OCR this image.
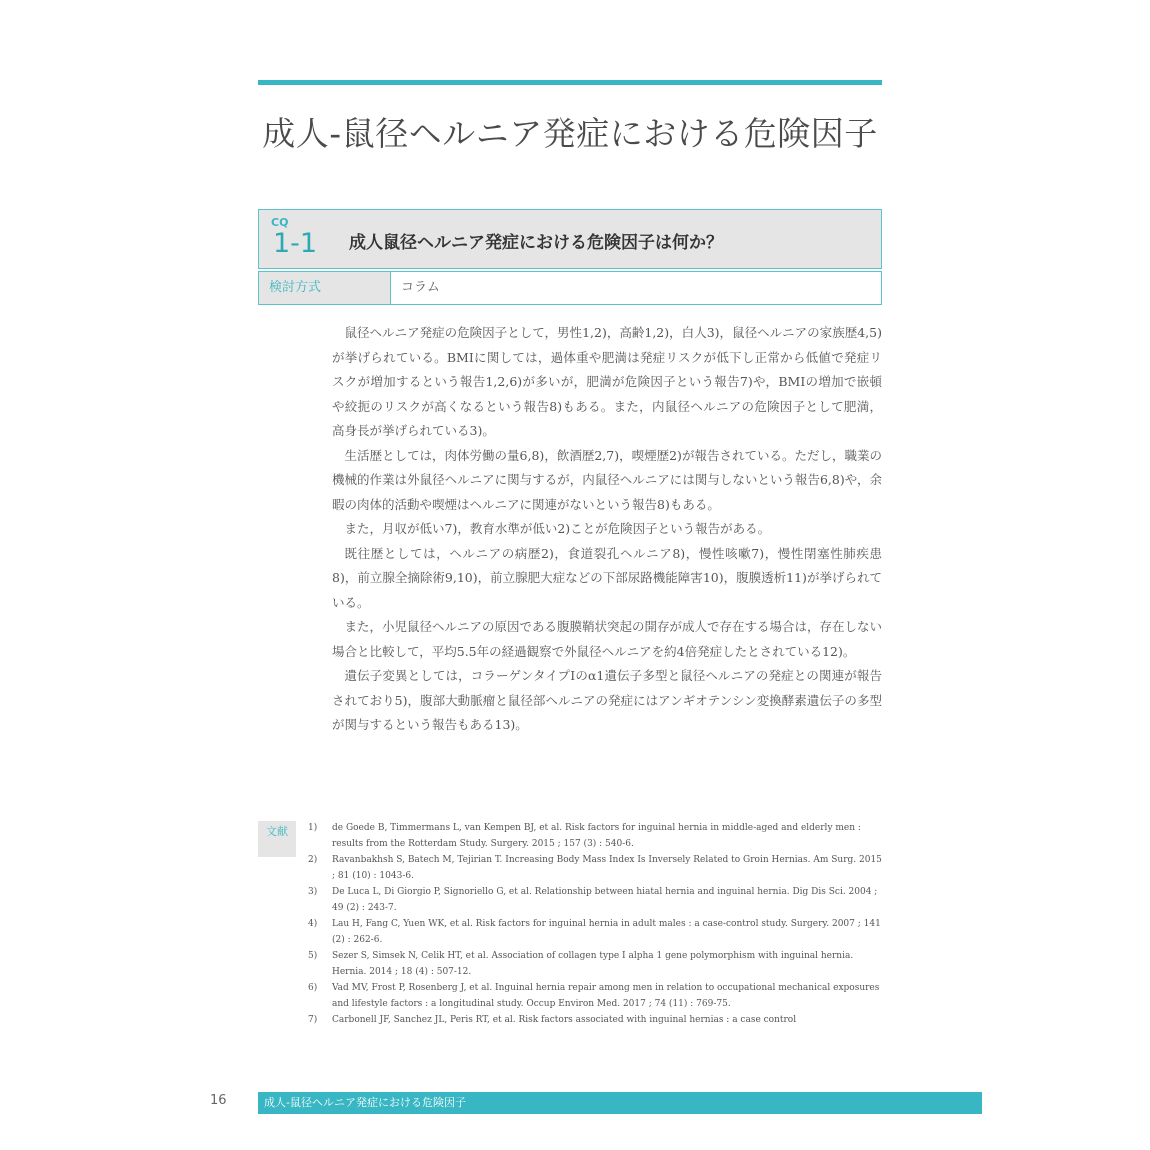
成人-鼠径ヘルニア発症における危険因子
CQ
1-1 成人鼠径ヘルニア発症における危険因子は何か？
検討方式	コラム

鼠径ヘルニア発症の危険因子として，男性1,2)，高齢1,2)，白人3)，鼠径ヘルニアの家族歴4,5)が挙げられている。BMIに関しては，過体重や肥満は発症リスクが低下し正常から低値で発症リスクが増加するという報告1,2,6)が多いが，肥満が危険因子という報告7)や，BMIの増加で嵌頓や絞扼のリスクが高くなるという報告8)もある。また，内鼠径ヘルニアの危険因子として肥満，高身長が挙げられている3)。

生活歴としては，肉体労働の量6,8)，飲酒歴2,7)，喫煙歴2)が報告されている。ただし，職業の機械的作業は外鼠径ヘルニアに関与するが，内鼠径ヘルニアには関与しないという報告6,8)や，余暇の肉体的活動や喫煙はヘルニアに関連がないという報告8)もある。

また，月収が低い7)，教育水準が低い2)ことが危険因子という報告がある。

既往歴としては，ヘルニアの病歴2)，食道裂孔ヘルニア8)，慢性咳嗽7)，慢性閉塞性肺疾患8)，前立腺全摘除術9,10)，前立腺肥大症などの下部尿路機能障害10)，腹膜透析11)が挙げられている。

また，小児鼠径ヘルニアの原因である腹膜鞘状突起の開存が成人で存在する場合は，存在しない場合と比較して，平均5.5年の経過観察で外鼠径ヘルニアを約4倍発症したとされている12)。

遺伝子変異としては，コラーゲンタイプⅠのα1遺伝子多型と鼠径ヘルニアの発症との関連が報告されており5)，腹部大動脈瘤と鼠径部ヘルニアの発症にはアンギオテンシン変換酵素遺伝子の多型が関与するという報告もある13)。

文献	1) de Goede B, Timmermans L, van Kempen BJ, et al. Risk factors for inguinal hernia in middle-aged and elderly men : results from the Rotterdam Study. Surgery. 2015 ; 157 (3) : 540-6.
2) Ravanbakhsh S, Batech M, Tejirian T. Increasing Body Mass Index Is Inversely Related to Groin Hernias. Am Surg. 2015 ; 81 (10) : 1043-6.
3) De Luca L, Di Giorgio P, Signoriello G, et al. Relationship between hiatal hernia and inguinal hernia. Dig Dis Sci. 2004 ; 49 (2) : 243-7.
4) Lau H, Fang C, Yuen WK, et al. Risk factors for inguinal hernia in adult males : a case-control study. Surgery. 2007 ; 141 (2) : 262-6.
5) Sezer S, Simsek N, Celik HT, et al. Association of collagen type I alpha 1 gene polymorphism with inguinal hernia. Hernia. 2014 ; 18 (4) : 507-12.
6) Vad MV, Frost P, Rosenberg J, et al. Inguinal hernia repair among men in relation to occupational mechanical exposures and lifestyle factors : a longitudinal study. Occup Environ Med. 2017 ; 74 (11) : 769-75.
7) Carbonell JF, Sanchez JL, Peris RT, et al. Risk factors associated with inguinal hernias : a case control
16	成人-鼠径ヘルニア発症における危険因子
